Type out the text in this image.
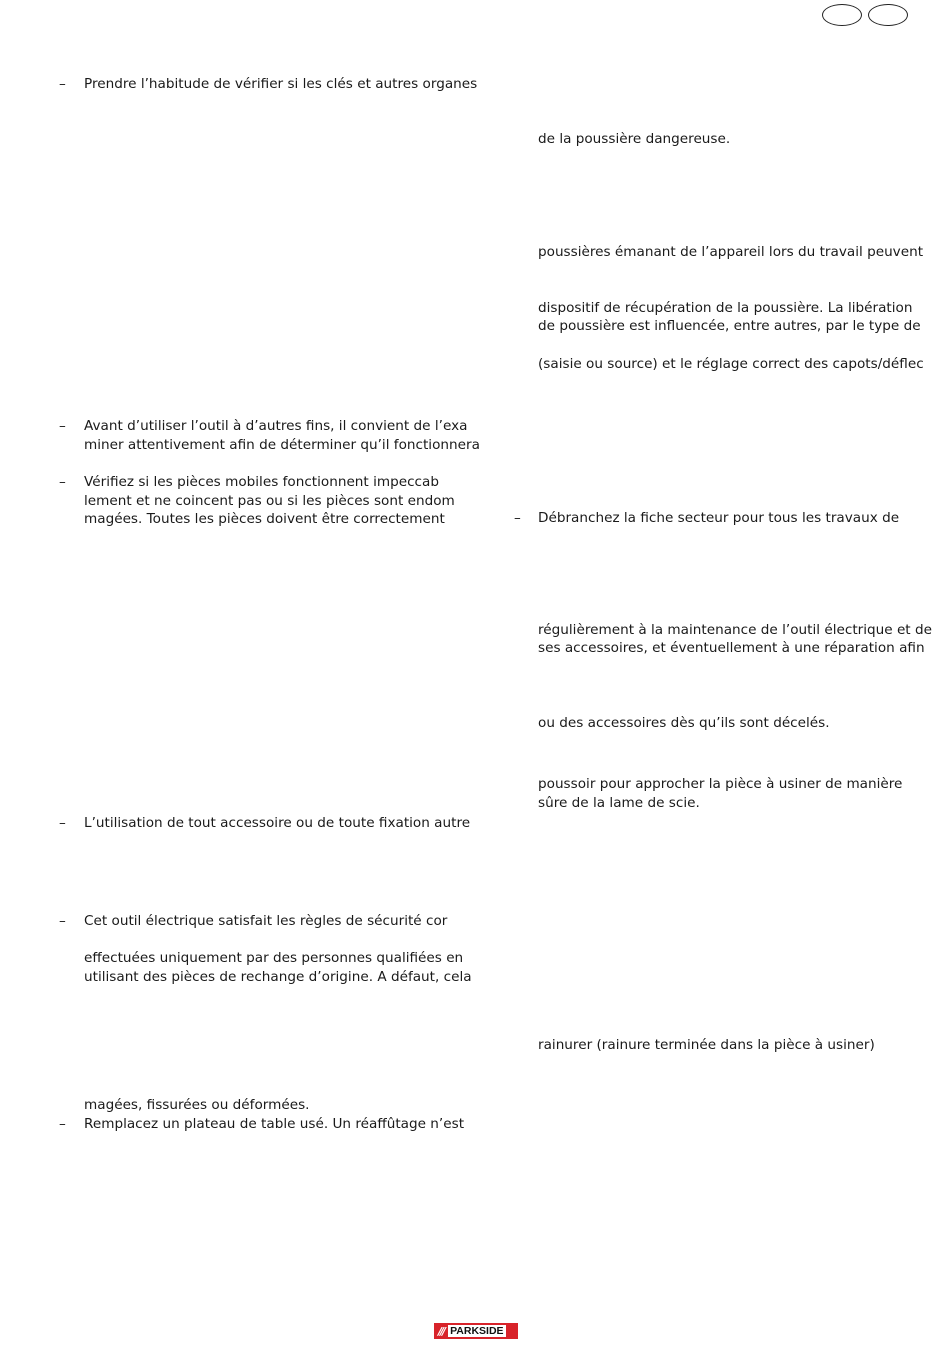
– Prendre l’habitude de vérifier si les clés et autres organes
– Avant d’utiliser l’outil à d’autres fins, il convient de l’exa
miner attentivement afin de déterminer qu’il fonctionnera
– Vérifiez si les pièces mobiles fonctionnent impeccab
lement et ne coincent pas ou si les pièces sont endom
magées. Toutes les pièces doivent être correctement
– L’utilisation de tout accessoire ou de toute fixation autre
– Cet outil électrique satisfait les règles de sécurité cor
effectuées uniquement par des personnes qualifiées en
utilisant des pièces de rechange d’origine. A défaut, cela
magées, fissurées ou déformées.
– Remplacez un plateau de table usé. Un réaffûtage n’est
de la poussière dangereuse.
poussières émanant de l’appareil lors du travail peuvent
dispositif de récupération de la poussière. La libération
de poussière est influencée, entre autres, par le type de
(saisie ou source) et le réglage correct des capots/déflec
– Débranchez la fiche secteur pour tous les travaux de
régulièrement à la maintenance de l’outil électrique et de
ses accessoires, et éventuellement à une réparation afin
ou des accessoires dès qu’ils sont décelés.
poussoir pour approcher la pièce à usiner de manière
sûre de la lame de scie.
rainurer (rainure terminée dans la pièce à usiner)
/// PARKSIDE
